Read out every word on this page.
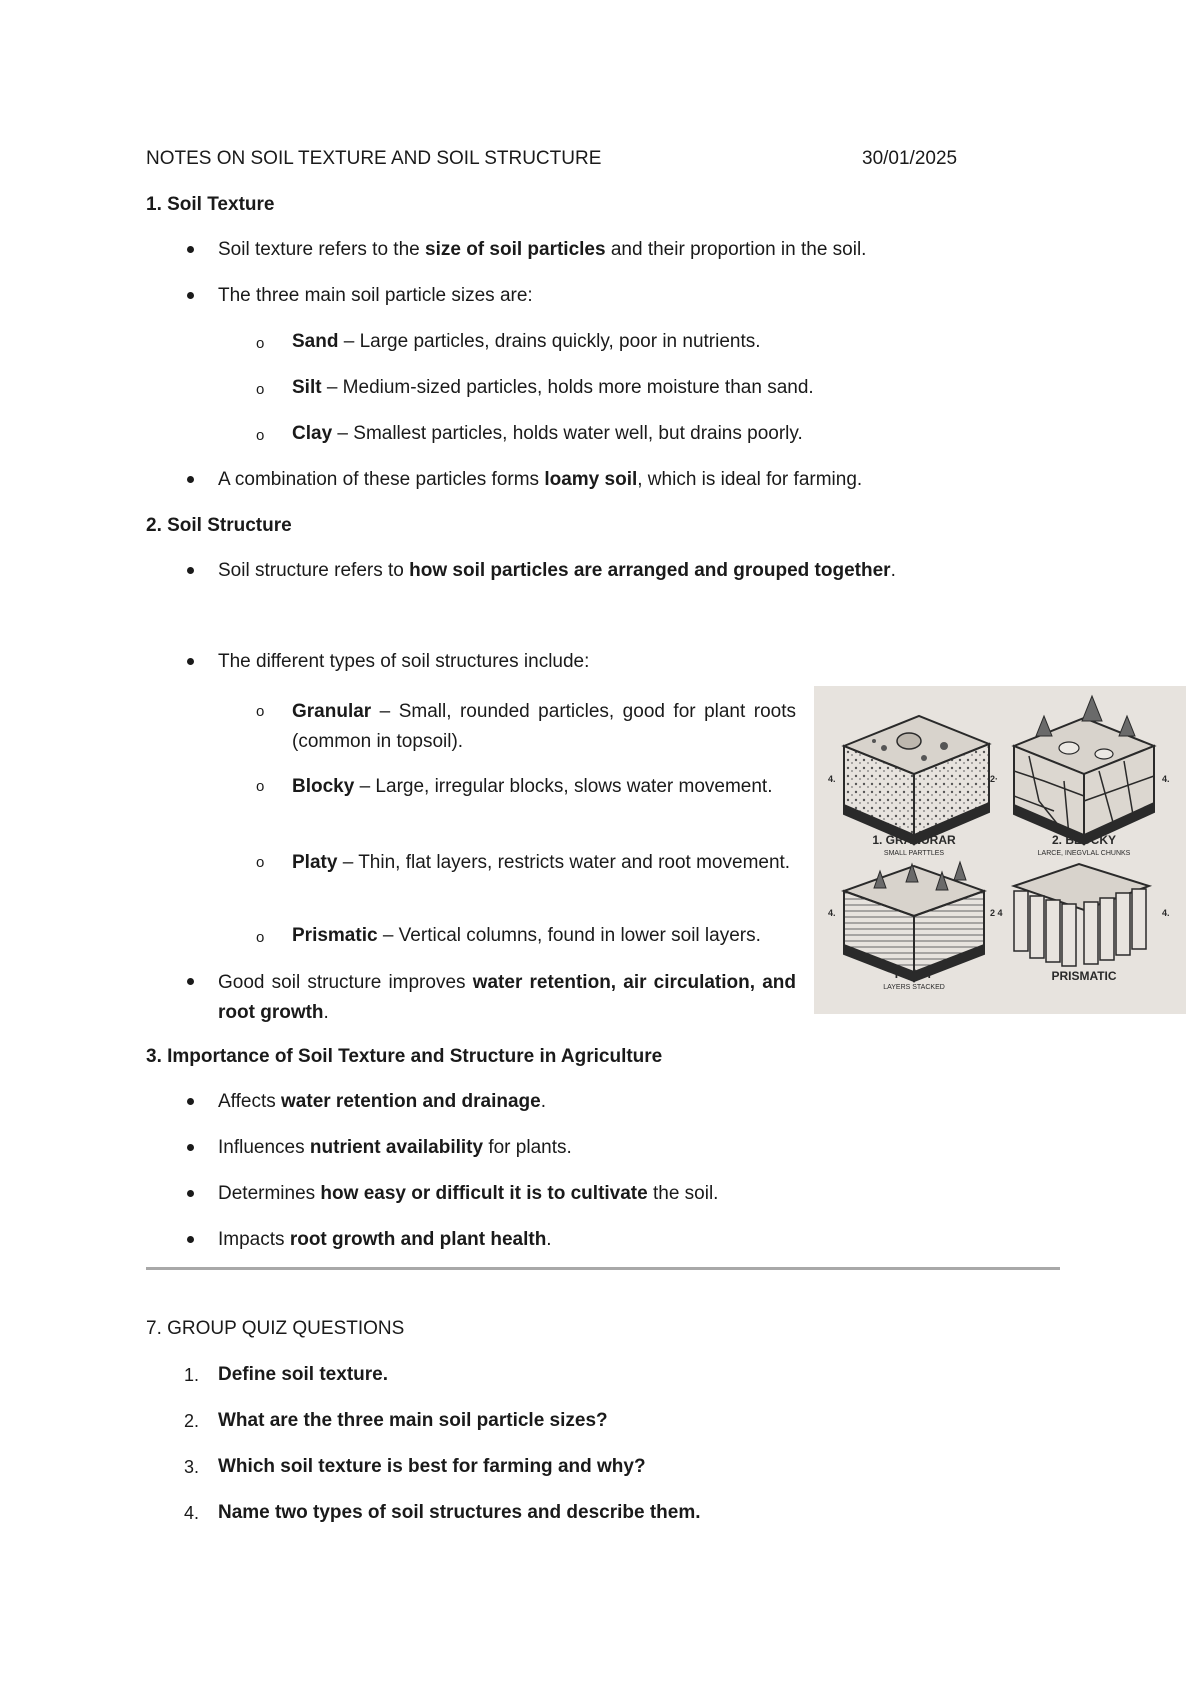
NOTES ON SOIL TEXTURE AND SOIL STRUCTURE	30/01/2025
1. Soil Texture
Soil texture refers to the size of soil particles and their proportion in the soil.
The three main soil particle sizes are:
o Sand – Large particles, drains quickly, poor in nutrients.
o Silt – Medium-sized particles, holds more moisture than sand.
o Clay – Smallest particles, holds water well, but drains poorly.
A combination of these particles forms loamy soil, which is ideal for farming.
2. Soil Structure
Soil structure refers to how soil particles are arranged and grouped together.
The different types of soil structures include:
o Granular – Small, rounded particles, good for plant roots (common in topsoil).
o Blocky – Large, irregular blocks, slows water movement.
o Platy – Thin, flat layers, restricts water and root movement.
o Prismatic – Vertical columns, found in lower soil layers.
Good soil structure improves water retention, air circulation, and root growth.
1. GRANURAR
SMALL PARTTLES
2. BLOCKY
LARCE, INEGVLAL CHUNKS
PLATY
LAYERS STACKED
PRISMATIC
4.	2·	4.
4.	2 4	4.
3. Importance of Soil Texture and Structure in Agriculture
Affects water retention and drainage.
Influences nutrient availability for plants.
Determines how easy or difficult it is to cultivate the soil.
Impacts root growth and plant health.
7. GROUP QUIZ QUESTIONS
1. Define soil texture.
2. What are the three main soil particle sizes?
3. Which soil texture is best for farming and why?
4. Name two types of soil structures and describe them.
